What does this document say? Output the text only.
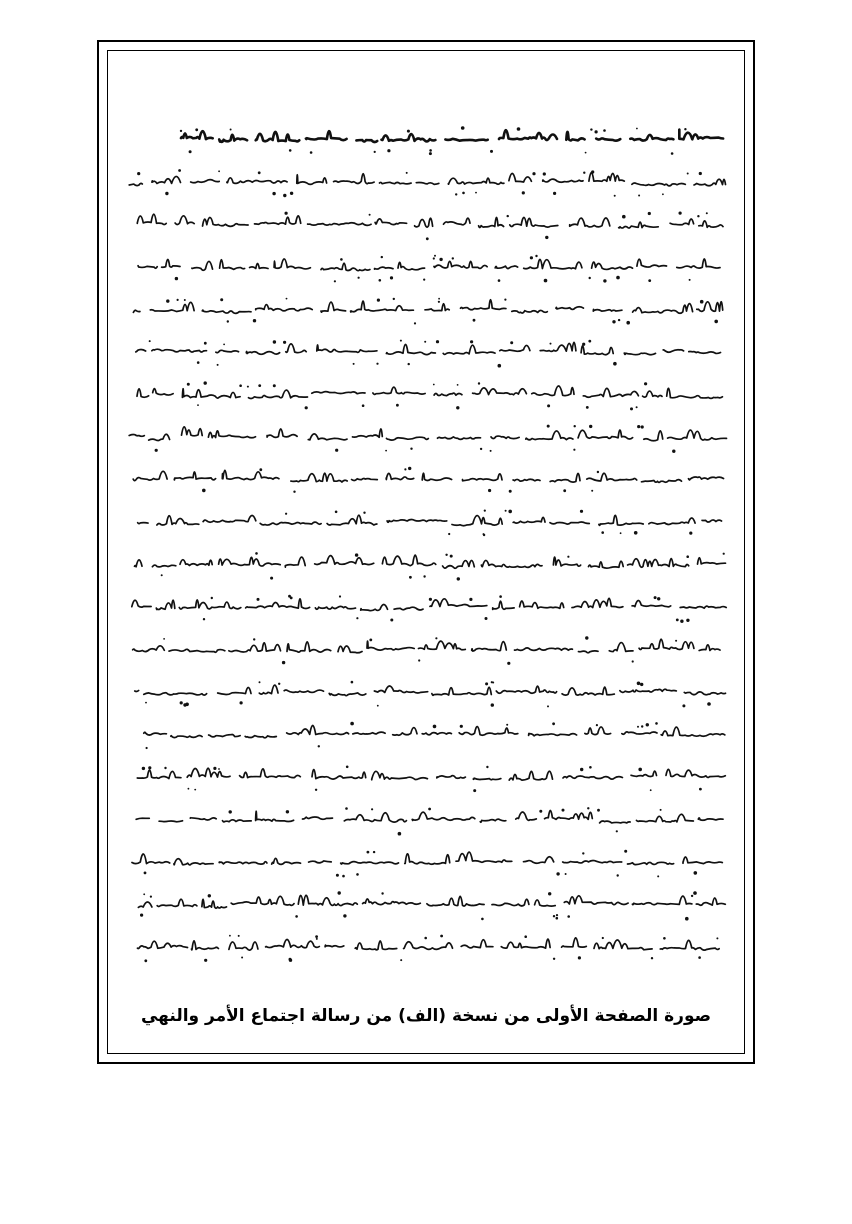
صورة الصفحة الأولى من نسخة (الف) من رسالة اجتماع الأمر والنهي
